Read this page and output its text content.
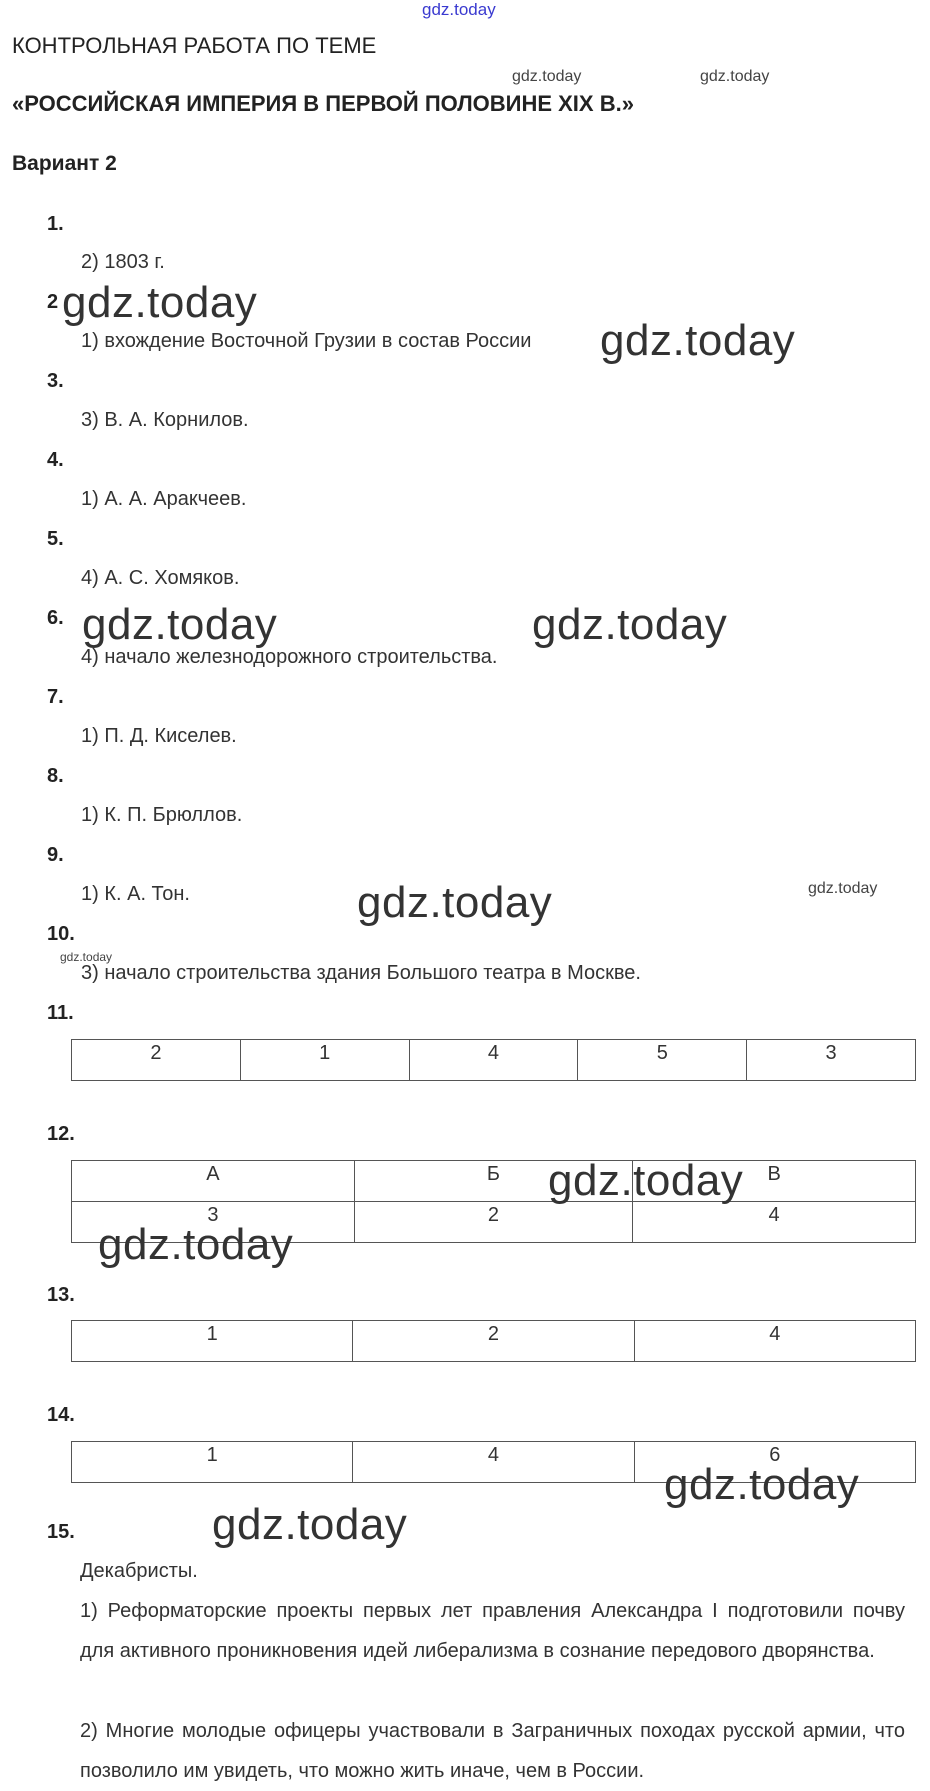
gdz.today
КОНТРОЛЬНАЯ РАБОТА ПО ТЕМЕ
«РОССИЙСКАЯ ИМПЕРИЯ В ПЕРВОЙ ПОЛОВИНЕ XIX В.»
Вариант 2
gdz.today	gdz.today
1.
2) 1803 г.
2
1) вхождение Восточной Грузии в состав России
3.
3) В. А. Корнилов.
4.
1) А. А. Аракчеев.
5.
4) А. С. Хомяков.
6.
4) начало железнодорожного строительства.
7.
1) П. Д. Киселев.
8.
1) К. П. Брюллов.
9.
1) К. А. Тон.
10.
3) начало строительства здания Большого театра в Москве.
11.
2	1	4	5	3
12.
А	Б	В
3	2	4
13.
1	2	4
14.
1	4	6
15.
Декабристы.
1) Реформаторские проекты первых лет правления Александра I подготовили почву для активного проникновения идей либерализма в сознание передового дворянства.
2) Многие молодые офицеры участвовали в Заграничных походах русской армии, что позволило им увидеть, что можно жить иначе, чем в России.
gdz.today
gdz.today
gdz.today	gdz.today
gdz.today	gdz.today
gdz.today
gdz.today
gdz.today
gdz.today
gdz.today
